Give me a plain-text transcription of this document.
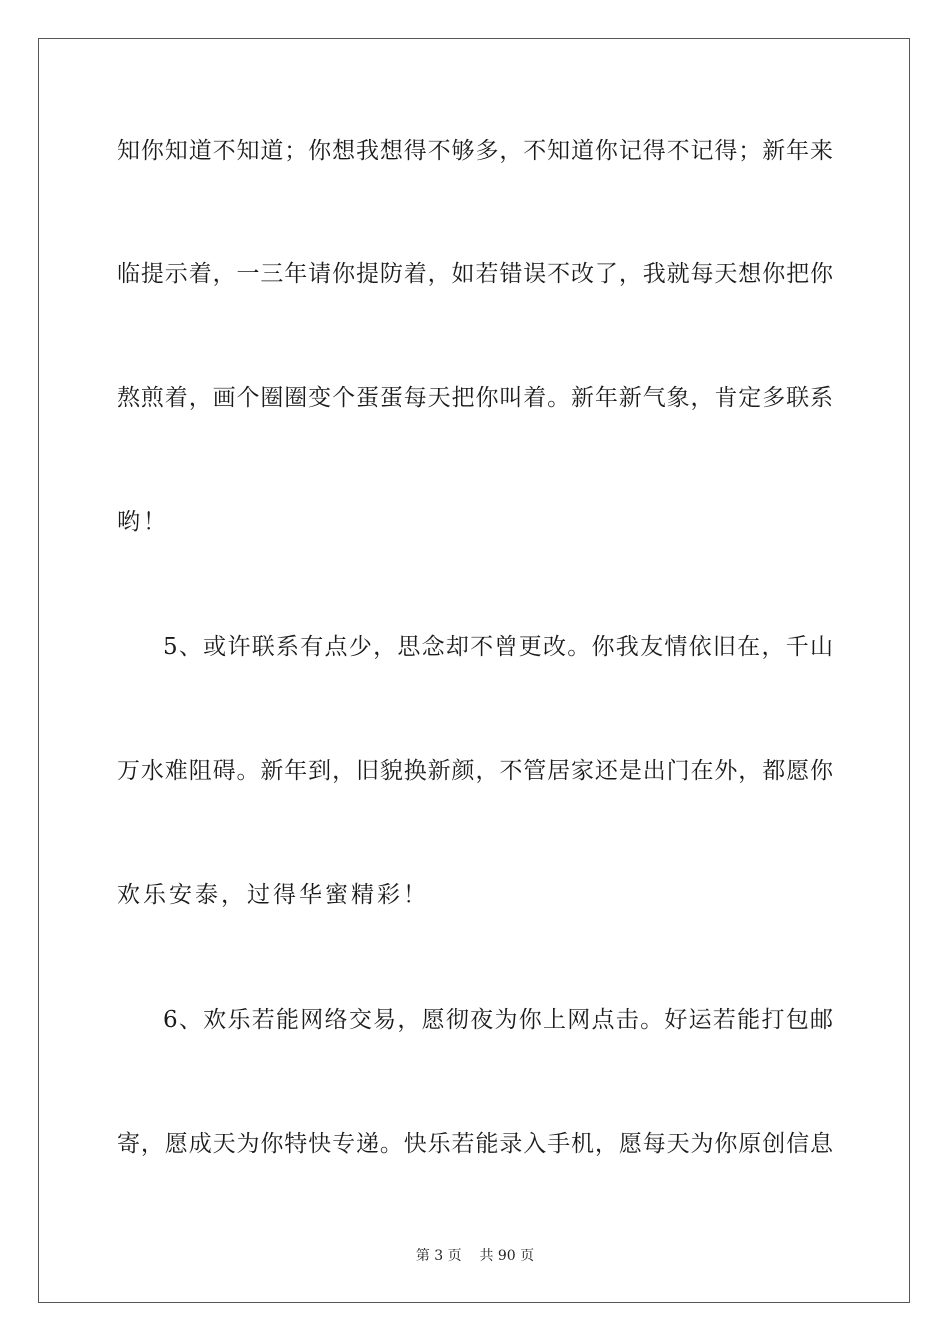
知你知道不知道；你想我想得不够多，不知道你记得不记得；新年来
临提示着，一三年请你提防着，如若错误不改了，我就每天想你把你
熬煎着，画个圈圈变个蛋蛋每天把你叫着。新年新气象，肯定多联系
哟！
5、或许联系有点少，思念却不曾更改。你我友情依旧在，千山
万水难阻碍。新年到，旧貌换新颜，不管居家还是出门在外，都愿你
欢乐安泰，过得华蜜精彩！
6、欢乐若能网络交易，愿彻夜为你上网点击。好运若能打包邮
寄，愿成天为你特快专递。快乐若能录入手机，愿每天为你原创信息
第 3 页 共 90 页
